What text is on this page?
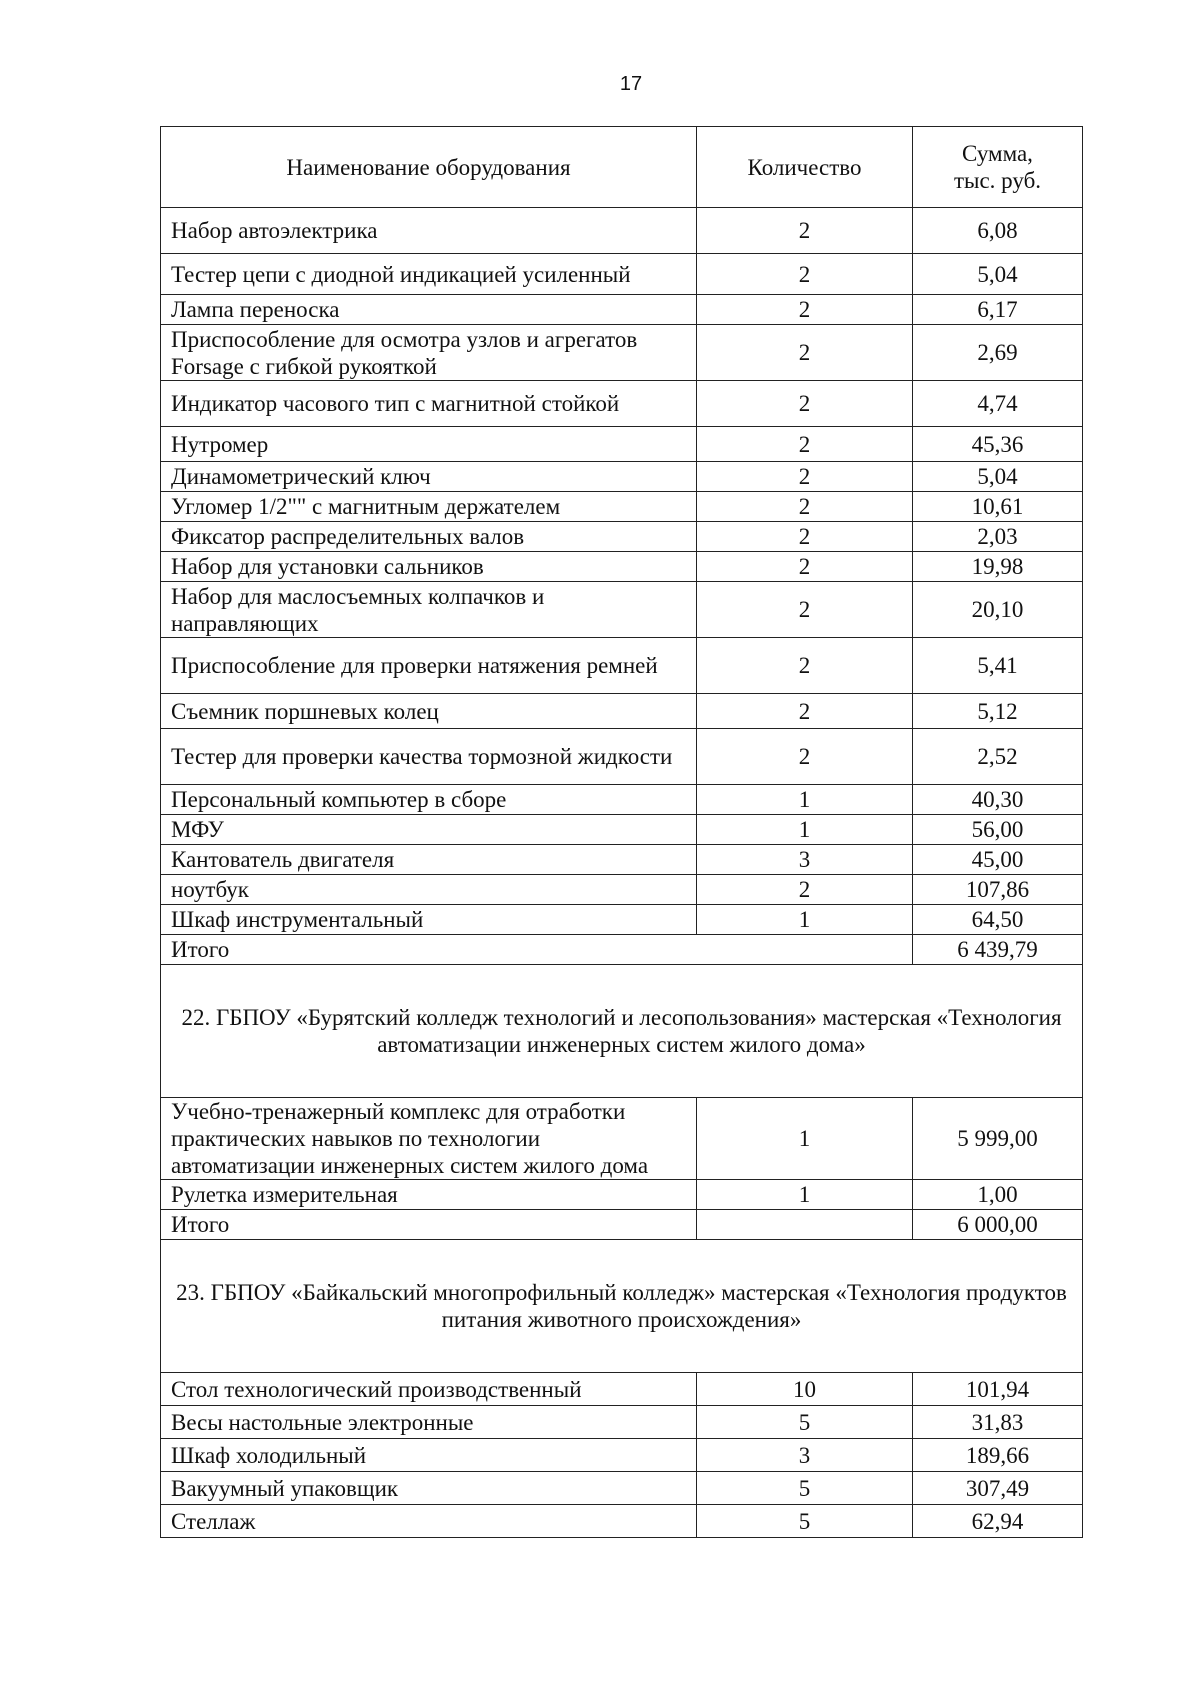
17
Наименование оборудования	Количество	Сумма, тыс. руб.
Набор автоэлектрика	2	6,08
Тестер цепи с диодной индикацией усиленный	2	5,04
Лампа переноска	2	6,17
Приспособление для осмотра узлов и агрегатов Forsage с гибкой рукояткой	2	2,69
Индикатор часового тип с магнитной стойкой	2	4,74
Нутромер	2	45,36
Динамометрический ключ	2	5,04
Угломер 1/2"" с магнитным держателем	2	10,61
Фиксатор распределительных валов	2	2,03
Набор для установки сальников	2	19,98
Набор для маслосъемных колпачков и направляющих	2	20,10
Приспособление для проверки натяжения ремней	2	5,41
Съемник поршневых колец	2	5,12
Тестер для проверки качества тормозной жидкости	2	2,52
Персональный компьютер в сборе	1	40,30
МФУ	1	56,00
Кантователь двигателя	3	45,00
ноутбук	2	107,86
Шкаф инструментальный	1	64,50
Итого		6 439,79
22. ГБПОУ «Бурятский колледж технологий и лесопользования» мастерская «Технология автоматизации инженерных систем жилого дома»		
Учебно-тренажерный комплекс для отработки практических навыков по технологии автоматизации инженерных систем жилого дома	1	5 999,00
Рулетка измерительная	1	1,00
Итого		6 000,00
23. ГБПОУ «Байкальский многопрофильный колледж» мастерская «Технология продуктов питания животного происхождения»		
Стол технологический производственный	10	101,94
Весы настольные электронные	5	31,83
Шкаф холодильный	3	189,66
Вакуумный упаковщик	5	307,49
Стеллаж	5	62,94
